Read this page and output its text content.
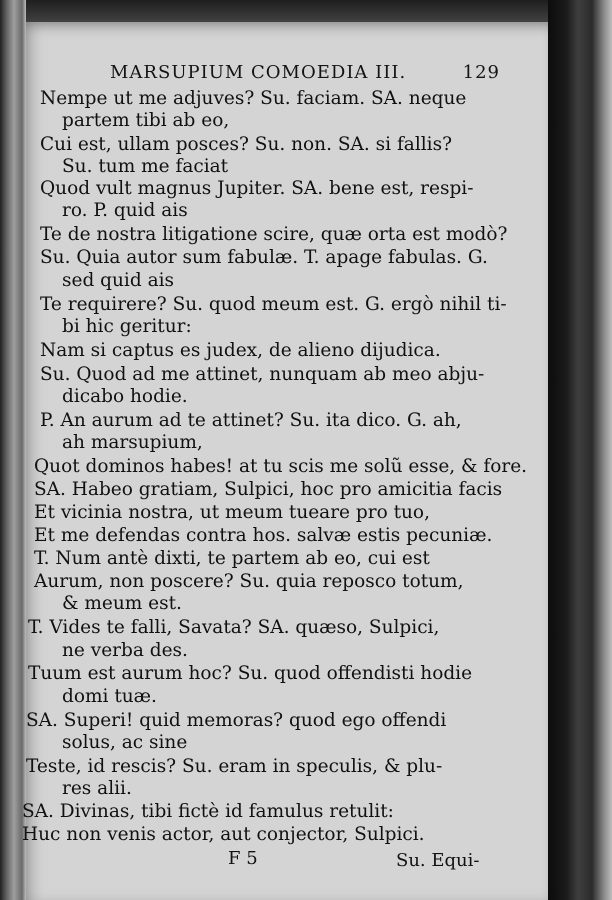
MARSUPIUM COMOEDIA III.	129
Nempe ut me adjuves? Su. faciam. SA. neque
partem tibi ab eo,
Cui est, ullam posces? Su. non. SA. si fallis?
Su. tum me faciat
Quod vult magnus Jupiter. SA. bene est, respi-
ro. P. quid ais
Te de nostra litigatione scire, quæ orta est modò?
Su. Quia autor sum fabulæ. T. apage fabulas. G.
sed quid ais
Te requirere? Su. quod meum est. G. ergò nihil ti-
bi hic geritur:
Nam si captus es judex, de alieno dijudica.
Su. Quod ad me attinet, nunquam ab meo abju-
dicabo hodie.
P. An aurum ad te attinet? Su. ita dico. G. ah,
ah marsupium,
Quot dominos habes! at tu scis me solũ esse, & fore.
SA. Habeo gratiam, Sulpici, hoc pro amicitia facis
Et vicinia nostra, ut meum tueare pro tuo,
Et me defendas contra hos. salvæ estis pecuniæ.
T. Num antè dixti, te partem ab eo, cui est
Aurum, non poscere? Su. quia reposco totum,
& meum est.
T. Vides te falli, Savata? SA. quæso, Sulpici,
ne verba des.
Tuum est aurum hoc? Su. quod offendisti hodie
domi tuæ.
SA. Superi! quid memoras? quod ego offendi
solus, ac sine
Teste, id rescis? Su. eram in speculis, & plu-
res alii.
SA. Divinas, tibi fictè id famulus retulit:
Huc non venis actor, aut conjector, Sulpici.
F 5	Su. Equi-
